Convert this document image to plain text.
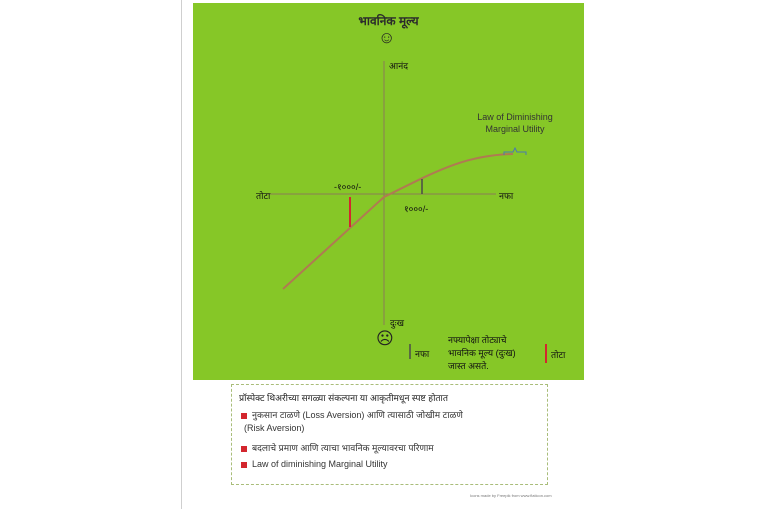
भावनिक मूल्य
☺
☹
आनंद
दुःख
तोटा	नफा
-१०००/-
१०००/-
Law of Diminishing
Marginal Utility
नफा	तोटा
नफ्यापेक्षा तोट्याचे
भावनिक मूल्य (दुःख)
जास्त असते.
प्रॉस्पेक्ट थिअरीच्या सगळ्या संकल्पना या आकृतीमधून स्पष्ट होतात
नुकसान टाळणे (Loss Aversion) आणि त्यासाठी जोखीम टाळणे
(Risk Aversion)
बदलाचे प्रमाण आणि त्याचा भावनिक मूल्यावरचा परिणाम
Law of diminishing Marginal Utility
Icons made by Freepik from www.flaticon.com
